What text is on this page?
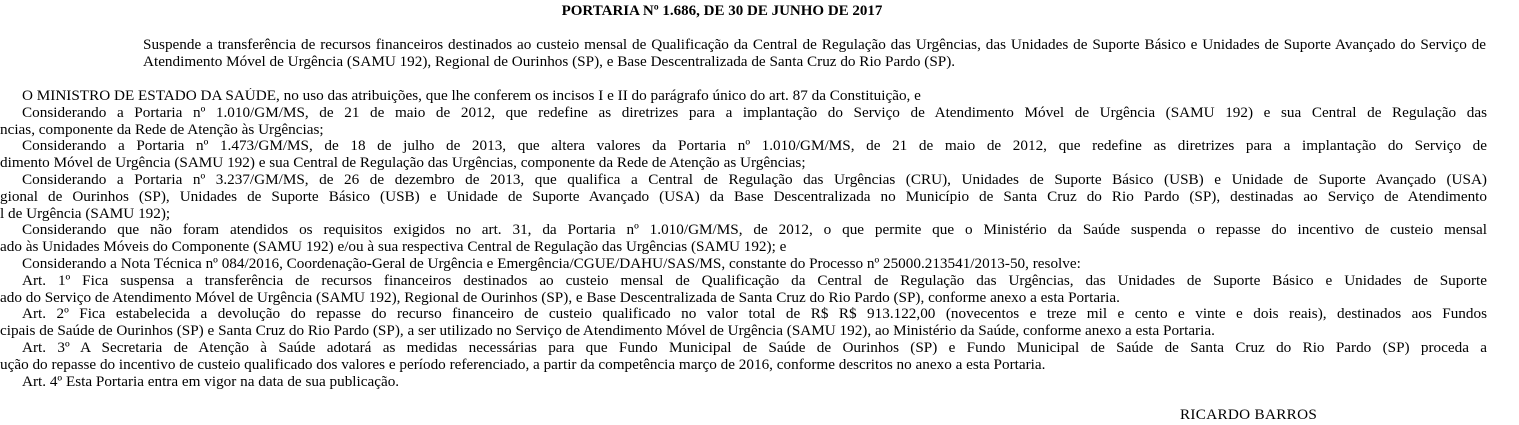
PORTARIA Nº 1.686, DE 30 DE JUNHO DE 2017
Suspende a transferência de recursos financeiros destinados ao custeio mensal de Qualificação da Central de Regulação das Urgências, das Unidades de Suporte Básico e Unidades de Suporte Avançado do Serviço de Atendimento Móvel de Urgência (SAMU 192), Regional de Ourinhos (SP), e Base Descentralizada de Santa Cruz do Rio Pardo (SP).
O MINISTRO DE ESTADO DA SAÚDE, no uso das atribuições, que lhe conferem os incisos I e II do parágrafo único do art. 87 da Constituição, e
Considerando a Portaria nº 1.010/GM/MS, de 21 de maio de 2012, que redefine as diretrizes para a implantação do Serviço de Atendimento Móvel de Urgência (SAMU 192) e sua Central de Regulação das
ncias, componente da Rede de Atenção às Urgências;
Considerando a Portaria nº 1.473/GM/MS, de 18 de julho de 2013, que altera valores da Portaria nº 1.010/GM/MS, de 21 de maio de 2012, que redefine as diretrizes para a implantação do Serviço de
dimento Móvel de Urgência (SAMU 192) e sua Central de Regulação das Urgências, componente da Rede de Atenção as Urgências;
Considerando a Portaria nº 3.237/GM/MS, de 26 de dezembro de 2013, que qualifica a Central de Regulação das Urgências (CRU), Unidades de Suporte Básico (USB) e Unidade de Suporte Avançado (USA)
gional de Ourinhos (SP), Unidades de Suporte Básico (USB) e Unidade de Suporte Avançado (USA) da Base Descentralizada no Município de Santa Cruz do Rio Pardo (SP), destinadas ao Serviço de Atendimento
l de Urgência (SAMU 192);
Considerando que não foram atendidos os requisitos exigidos no art. 31, da Portaria nº 1.010/GM/MS, de 2012, o que permite que o Ministério da Saúde suspenda o repasse do incentivo de custeio mensal
ado às Unidades Móveis do Componente (SAMU 192) e/ou à sua respectiva Central de Regulação das Urgências (SAMU 192); e
Considerando a Nota Técnica nº 084/2016, Coordenação-Geral de Urgência e Emergência/CGUE/DAHU/SAS/MS, constante do Processo nº 25000.213541/2013-50, resolve:
Art. 1º Fica suspensa a transferência de recursos financeiros destinados ao custeio mensal de Qualificação da Central de Regulação das Urgências, das Unidades de Suporte Básico e Unidades de Suporte
ado do Serviço de Atendimento Móvel de Urgência (SAMU 192), Regional de Ourinhos (SP), e Base Descentralizada de Santa Cruz do Rio Pardo (SP), conforme anexo a esta Portaria.
Art. 2º Fica estabelecida a devolução do repasse do recurso financeiro de custeio qualificado no valor total de R$ R$ 913.122,00 (novecentos e treze mil e cento e vinte e dois reais), destinados aos Fundos
cipais de Saúde de Ourinhos (SP) e Santa Cruz do Rio Pardo (SP), a ser utilizado no Serviço de Atendimento Móvel de Urgência (SAMU 192), ao Ministério da Saúde, conforme anexo a esta Portaria.
Art. 3º A Secretaria de Atenção à Saúde adotará as medidas necessárias para que Fundo Municipal de Saúde de Ourinhos (SP) e Fundo Municipal de Saúde de Santa Cruz do Rio Pardo (SP) proceda a
ução do repasse do incentivo de custeio qualificado dos valores e período referenciado, a partir da competência março de 2016, conforme descritos no anexo a esta Portaria.
Art. 4º Esta Portaria entra em vigor na data de sua publicação.
RICARDO BARROS
